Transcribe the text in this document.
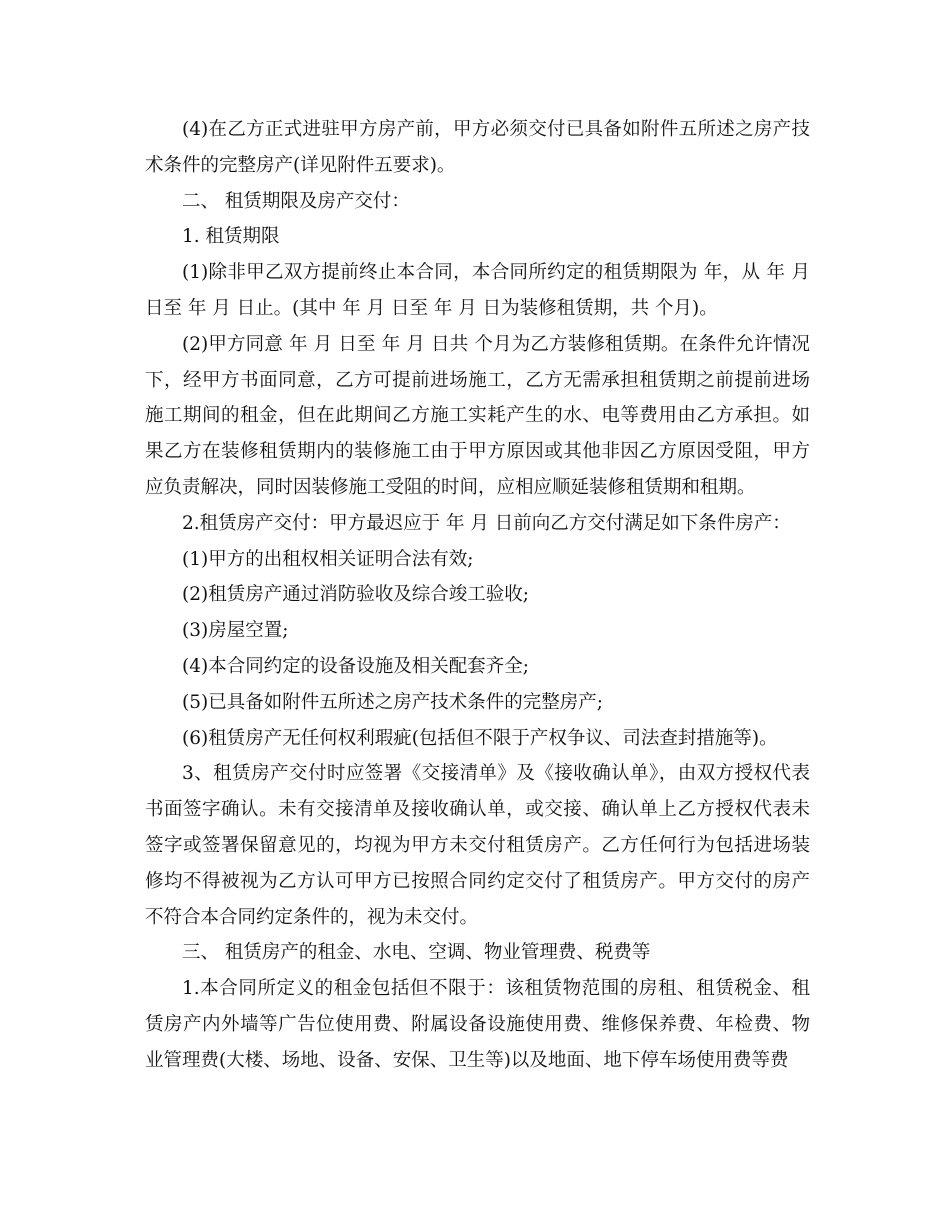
(4)在乙方正式进驻甲方房产前，甲方必须交付已具备如附件五所述之房产技术条件的完整房产(详见附件五要求)。

二、 租赁期限及房产交付：

1. 租赁期限

(1)除非甲乙双方提前终止本合同，本合同所约定的租赁期限为 年，从 年 月 日至 年 月 日止。(其中 年 月 日至 年 月 日为装修租赁期，共 个月)。

(2)甲方同意 年 月 日至 年 月 日共 个月为乙方装修租赁期。在条件允许情况下，经甲方书面同意，乙方可提前进场施工，乙方无需承担租赁期之前提前进场施工期间的租金，但在此期间乙方施工实耗产生的水、电等费用由乙方承担。如果乙方在装修租赁期内的装修施工由于甲方原因或其他非因乙方原因受阻，甲方应负责解决，同时因装修施工受阻的时间，应相应顺延装修租赁期和租期。

2.租赁房产交付：甲方最迟应于 年 月 日前向乙方交付满足如下条件房产：

(1)甲方的出租权相关证明合法有效;

(2)租赁房产通过消防验收及综合竣工验收;

(3)房屋空置;

(4)本合同约定的设备设施及相关配套齐全;

(5)已具备如附件五所述之房产技术条件的完整房产;

(6)租赁房产无任何权利瑕疵(包括但不限于产权争议、司法查封措施等)。

3、租赁房产交付时应签署《交接清单》及《接收确认单》，由双方授权代表书面签字确认。未有交接清单及接收确认单，或交接、确认单上乙方授权代表未签字或签署保留意见的，均视为甲方未交付租赁房产。乙方任何行为包括进场装修均不得被视为乙方认可甲方已按照合同约定交付了租赁房产。甲方交付的房产不符合本合同约定条件的，视为未交付。

三、 租赁房产的租金、水电、空调、物业管理费、税费等

1.本合同所定义的租金包括但不限于：该租赁物范围的房租、租赁税金、租赁房产内外墙等广告位使用费、附属设备设施使用费、维修保养费、年检费、物业管理费(大楼、场地、设备、安保、卫生等)以及地面、地下停车场使用费等费
